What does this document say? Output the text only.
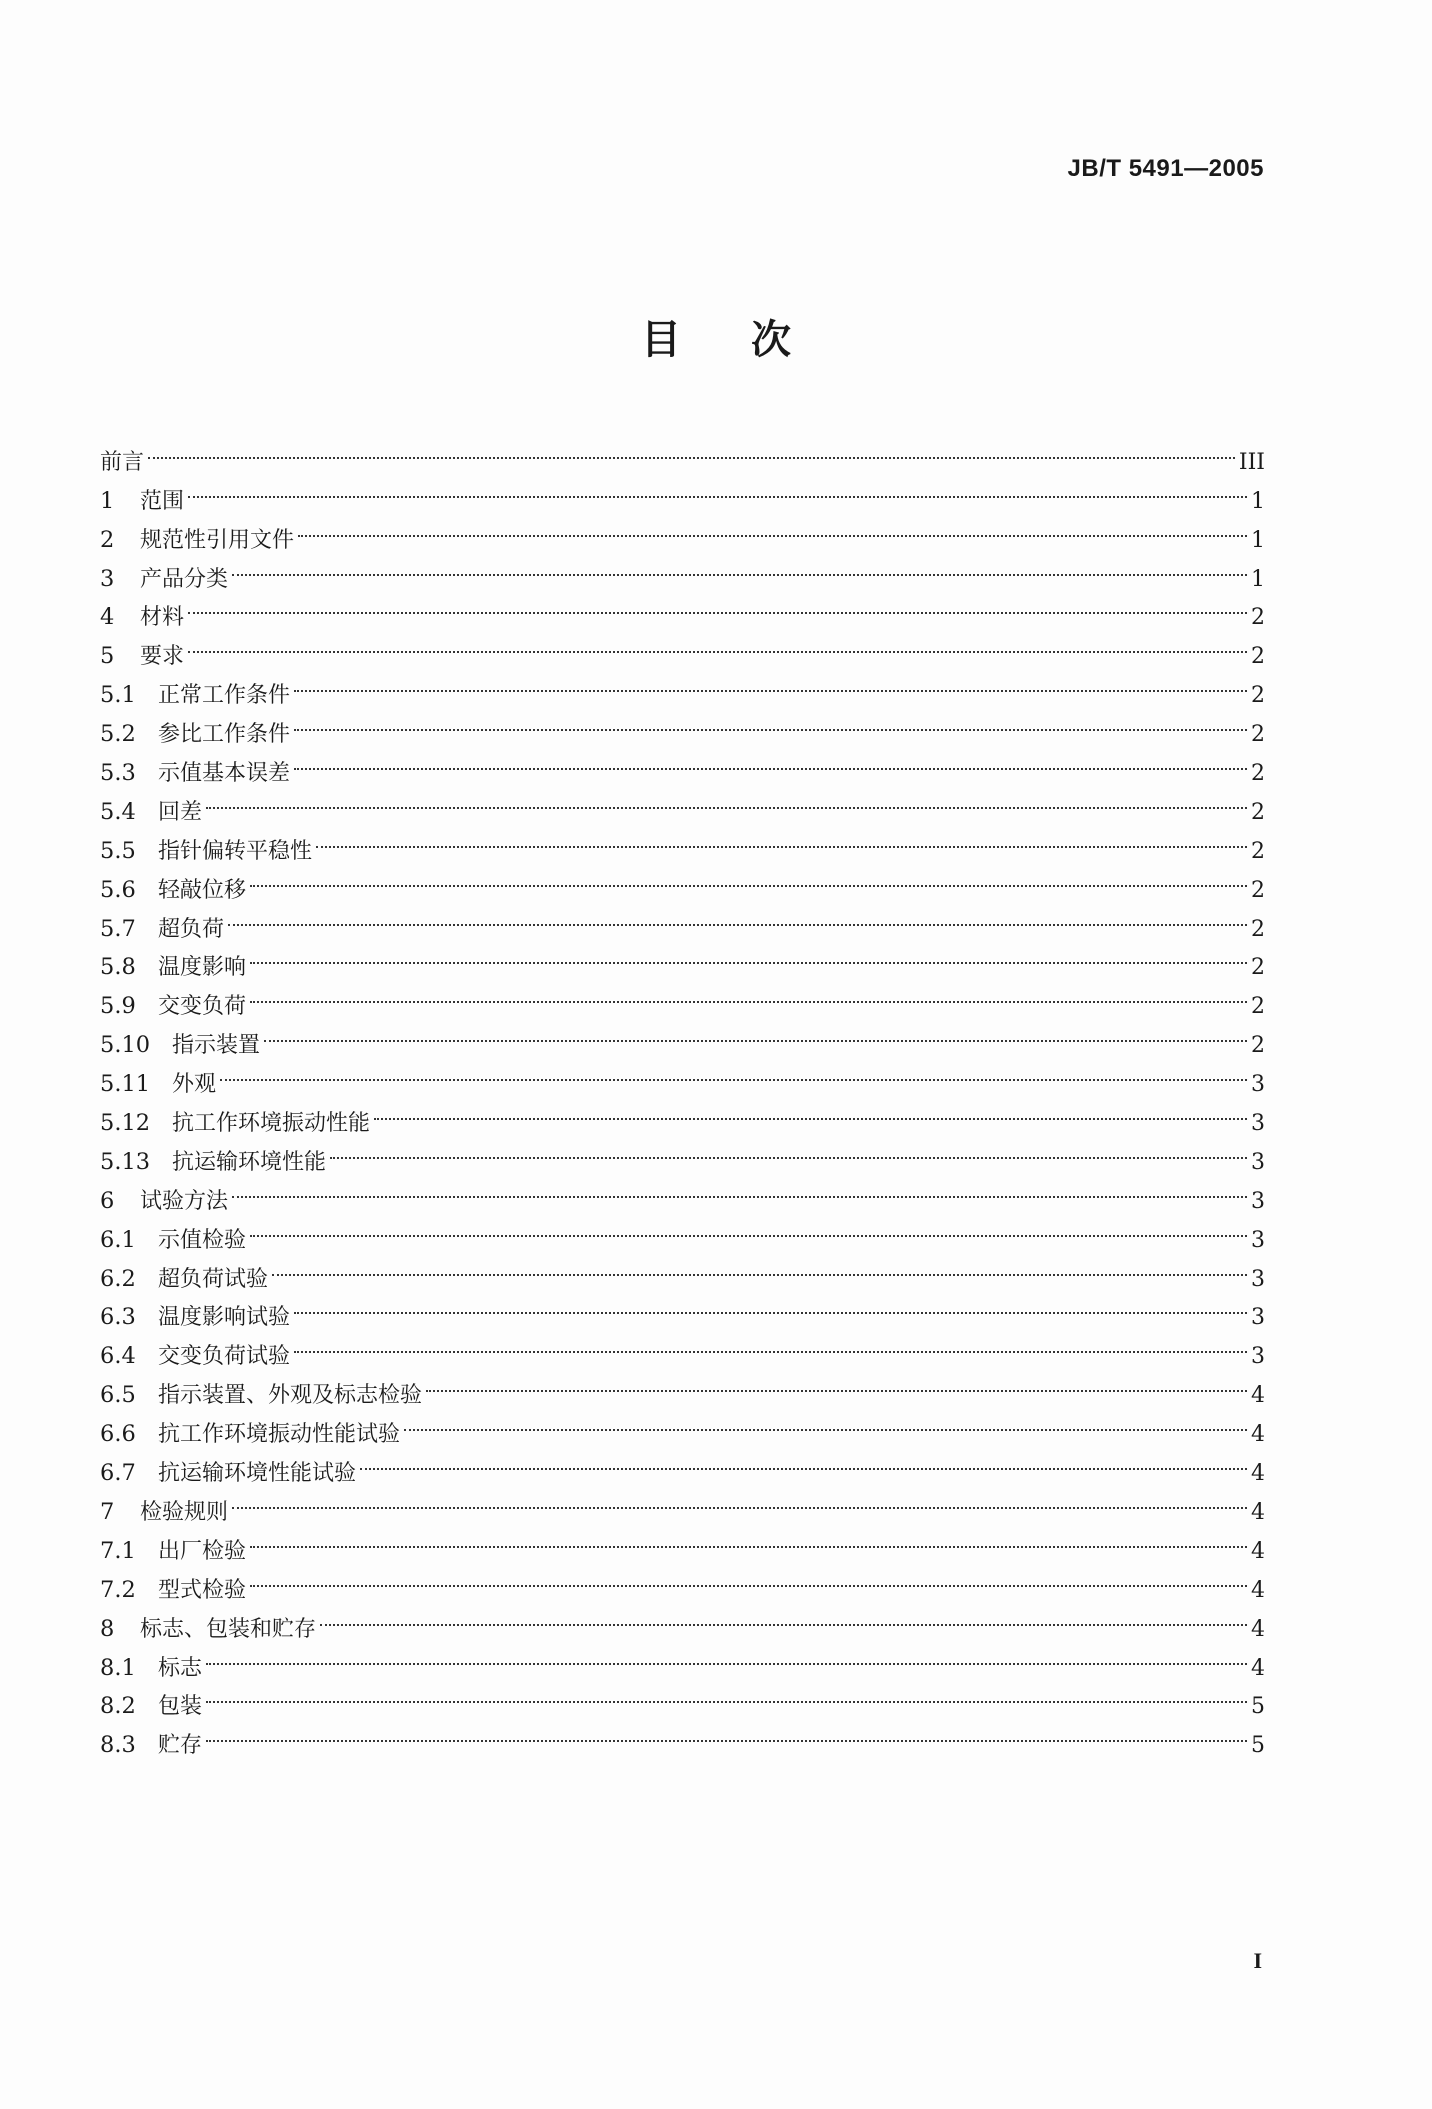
JB/T 5491—2005
目次
前言	III
1	范围	1
2	规范性引用文件	1
3	产品分类	1
4	材料	2
5	要求	2
5.1	正常工作条件	2
5.2	参比工作条件	2
5.3	示值基本误差	2
5.4	回差	2
5.5	指针偏转平稳性	2
5.6	轻敲位移	2
5.7	超负荷	2
5.8	温度影响	2
5.9	交变负荷	2
5.10 指示装置	2
5.11 外观	3
5.12 抗工作环境振动性能	3
5.13 抗运输环境性能	3
6	试验方法	3
6.1	示值检验	3
6.2	超负荷试验	3
6.3	温度影响试验	3
6.4	交变负荷试验	3
6.5	指示装置、外观及标志检验	4
6.6	抗工作环境振动性能试验	4
6.7	抗运输环境性能试验	4
7	检验规则	4
7.1	出厂检验	4
7.2	型式检验	4
8	标志、包装和贮存	4
8.1	标志	4
8.2	包装	5
8.3	贮存	5
I
